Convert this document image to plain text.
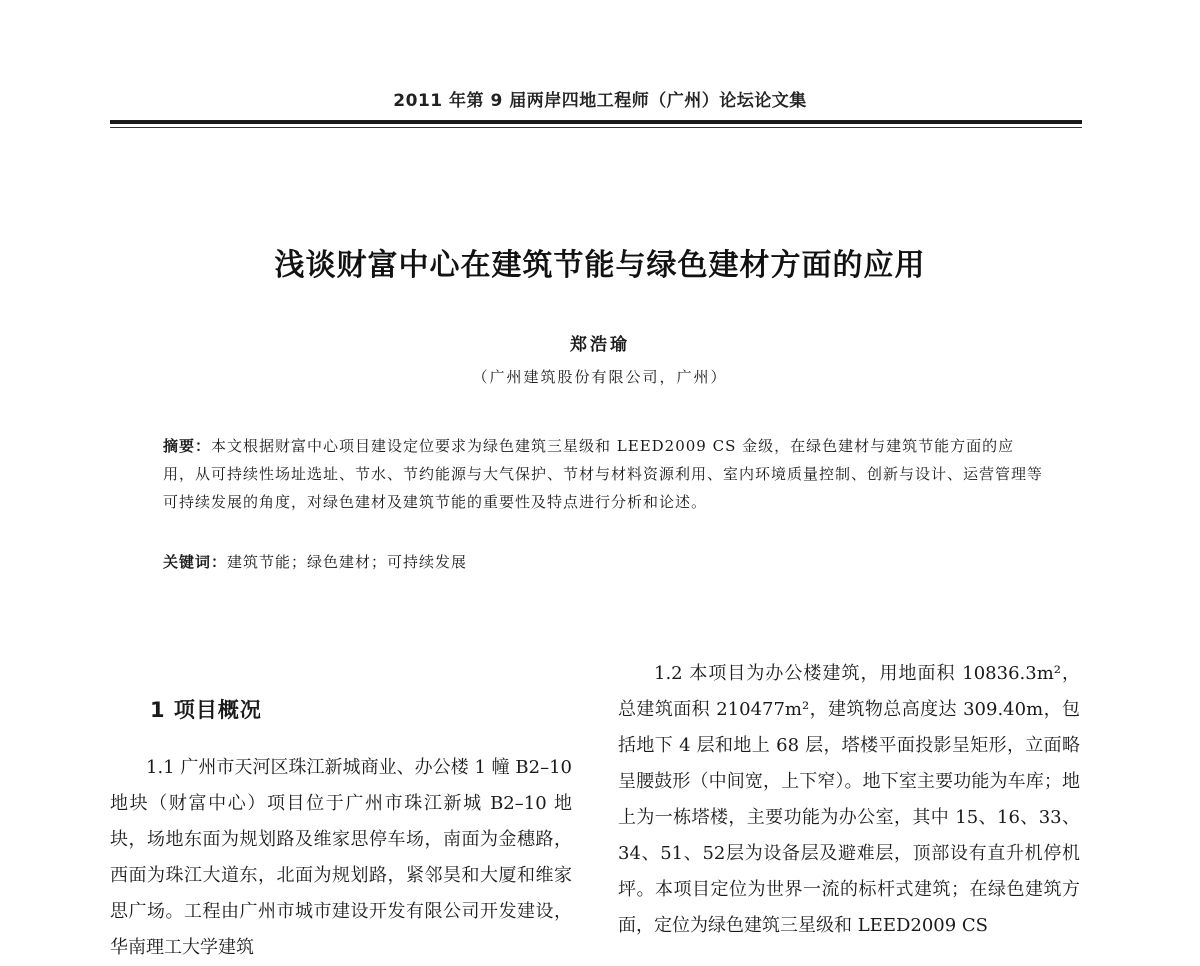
2011 年第 9 届两岸四地工程师（广州）论坛论文集
浅谈财富中心在建筑节能与绿色建材方面的应用
郑浩瑜
（广州建筑股份有限公司，广州）
摘要：本文根据财富中心项目建设定位要求为绿色建筑三星级和 LEED2009 CS 金级，在绿色建材与建筑节能方面的应用，从可持续性场址选址、节水、节约能源与大气保护、节材与材料资源利用、室内环境质量控制、创新与设计、运营管理等可持续发展的角度，对绿色建材及建筑节能的重要性及特点进行分析和论述。
关键词：建筑节能；绿色建材；可持续发展
1 项目概况

1.1 广州市天河区珠江新城商业、办公楼 1 幢 B2–10 地块（财富中心）项目位于广州市珠江新城 B2–10 地块，场地东面为规划路及维家思停车场，南面为金穗路，西面为珠江大道东，北面为规划路，紧邻昊和大厦和维家思广场。工程由广州市城市建设开发有限公司开发建设，华南理工大学建筑

1.2 本项目为办公楼建筑，用地面积 10836.3m²，总建筑面积 210477m²，建筑物总高度达 309.40m，包括地下 4 层和地上 68 层，塔楼平面投影呈矩形，立面略呈腰鼓形（中间宽，上下窄）。地下室主要功能为车库；地上为一栋塔楼，主要功能为办公室，其中 15、16、33、34、51、52层为设备层及避难层，顶部设有直升机停机坪。本项目定位为世界一流的标杆式建筑；在绿色建筑方面，定位为绿色建筑三星级和 LEED2009 CS
